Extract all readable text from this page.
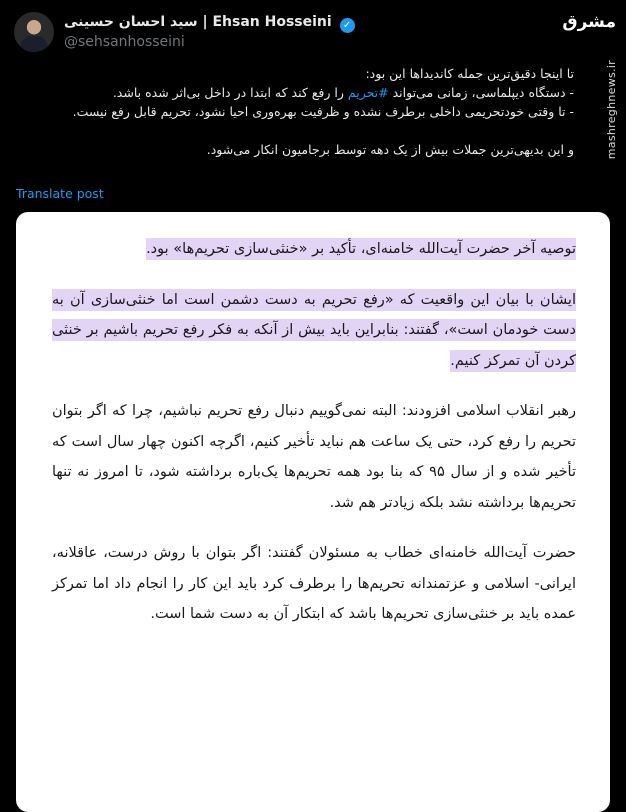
سید احسان حسینی | Ehsan Hosseini ✓
@sehsanhosseini
مشرق
mashreghnews.ir

تا اینجا دقیق‌ترین جمله کاندیداها این بود:

- دستگاه دیپلماسی، زمانی می‌تواند #تحریم را رفع کند که ابتدا در داخل بی‌اثر شده باشد.

- تا وقتی خودتحریمی داخلی برطرف نشده و ظرفیت بهره‌وری احیا نشود، تحریم قابل رفع نیست.

و این بدیهی‌ترین جملات بیش از یک دهه توسط برجامیون انکار می‌شود.

Translate post

توصیه آخر حضرت آیت‌الله خامنه‌ای، تأکید بر «خنثی‌سازی تحریم‌ها» بود.

ایشان با بیان این واقعیت که «رفع تحریم به دست دشمن است اما خنثی‌سازی آن به دست خودمان است»، گفتند: بنابراین باید بیش از آنکه به فکر رفع تحریم باشیم بر خنثی کردن آن تمرکز کنیم.

رهبر انقلاب اسلامی افزودند: البته نمی‌گوییم دنبال رفع تحریم نباشیم، چرا که اگر بتوان تحریم را رفع کرد، حتی یک ساعت هم نباید تأخیر کنیم، اگرچه اکنون چهار سال است که تأخیر شده و از سال ۹۵ که بنا بود همه تحریم‌ها یک‌باره برداشته شود، تا امروز نه تنها تحریم‌ها برداشته نشد بلکه زیادتر هم شد.

حضرت آیت‌الله خامنه‌ای خطاب به مسئولان گفتند: اگر بتوان با روش درست، عاقلانه، ایرانی- اسلامی و عزتمندانه تحریم‌ها را برطرف کرد باید این کار را انجام داد اما تمرکز عمده باید بر خنثی‌سازی تحریم‌ها باشد که ابتکار آن به دست شما است.
